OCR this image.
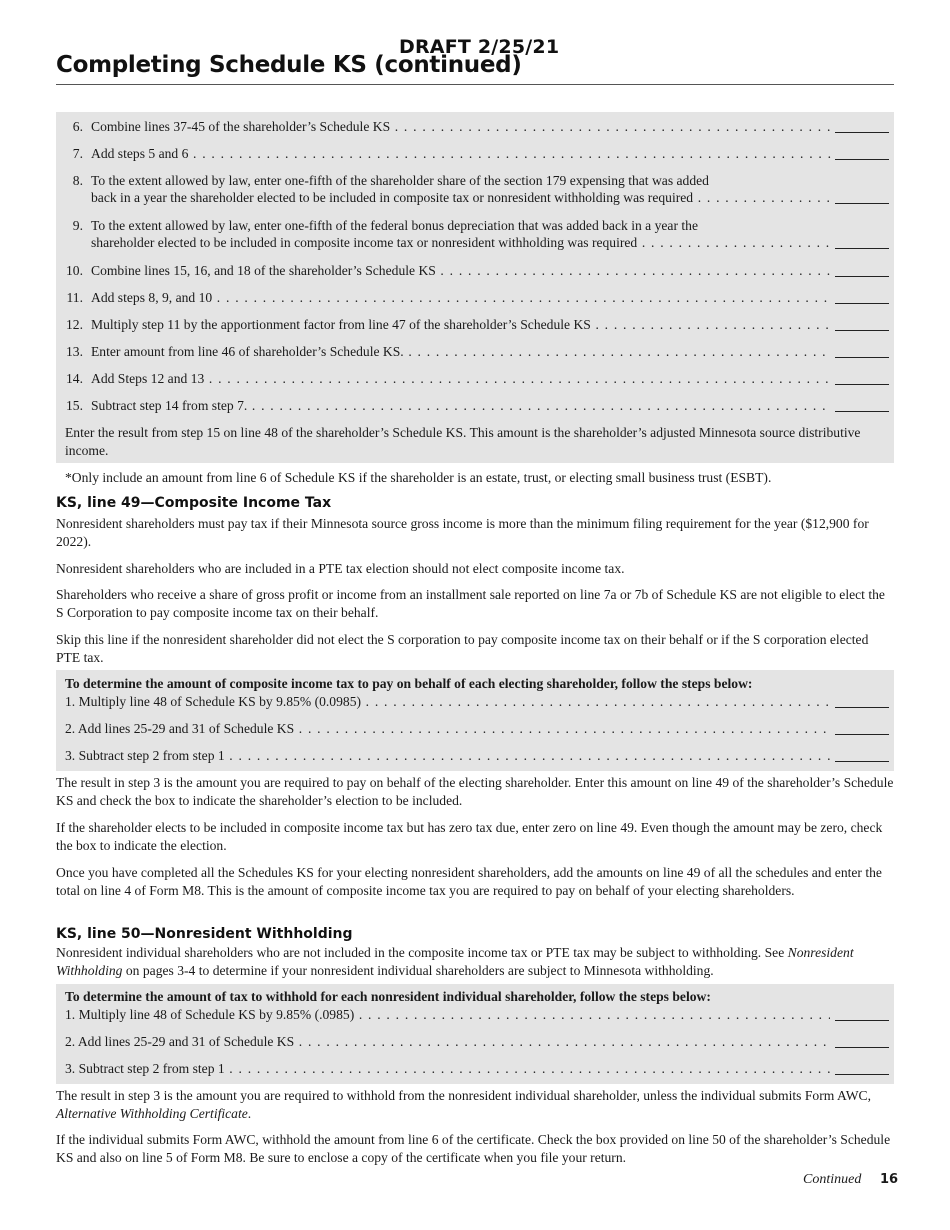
DRAFT 2/25/21
Completing Schedule KS (continued)
6. Combine lines 37-45 of the shareholder’s Schedule KS . . .
7. Add steps 5 and 6 . . .
8. To the extent allowed by law, enter one-fifth of the shareholder share of the section 179 expensing that was added
back in a year the shareholder elected to be included in composite tax or nonresident withholding was required . . .
9. To the extent allowed by law, enter one-fifth of the federal bonus depreciation that was added back in a year the
shareholder elected to be included in composite income tax or nonresident withholding was required . . .
10. Combine lines 15, 16, and 18 of the shareholder’s Schedule KS . . .
11. Add steps 8, 9, and 10 . . .
12. Multiply step 11 by the apportionment factor from line 47 of the shareholder’s Schedule KS . . .
13. Enter amount from line 46 of shareholder’s Schedule KS. . . .
14. Add Steps 12 and 13 . . .
15. Subtract step 14 from step 7. . . .

Enter the result from step 15 on line 48 of the shareholder’s Schedule KS. This amount is the shareholder’s adjusted Minnesota source distributive income.

*Only include an amount from line 6 of Schedule KS if the shareholder is an estate, trust, or electing small business trust (ESBT).

KS, line 49—Composite Income Tax

Nonresident shareholders must pay tax if their Minnesota source gross income is more than the minimum filing requirement for the year ($12,900 for 2022).

Nonresident shareholders who are included in a PTE tax election should not elect composite income tax.

Shareholders who receive a share of gross profit or income from an installment sale reported on line 7a or 7b of Schedule KS are not eligible to elect the S Corporation to pay composite income tax on their behalf.

Skip this line if the nonresident shareholder did not elect the S corporation to pay composite income tax on their behalf or if the S corporation elected PTE tax.

To determine the amount of composite income tax to pay on behalf of each electing shareholder, follow the steps below:

1. Multiply line 48 of Schedule KS by 9.85% (0.0985) . . .
2. Add lines 25-29 and 31 of Schedule KS . . .
3. Subtract step 2 from step 1 . . .

The result in step 3 is the amount you are required to pay on behalf of the electing shareholder. Enter this amount on line 49 of the shareholder’s Schedule KS and check the box to indicate the shareholder’s election to be included.

If the shareholder elects to be included in composite income tax but has zero tax due, enter zero on line 49. Even though the amount may be zero, check the box to indicate the election.

Once you have completed all the Schedules KS for your electing nonresident shareholders, add the amounts on line 49 of all the schedules and enter the total on line 4 of Form M8. This is the amount of composite income tax you are required to pay on behalf of your electing shareholders.

KS, line 50—Nonresident Withholding

Nonresident individual shareholders who are not included in the composite income tax or PTE tax may be subject to withholding. See Nonresident Withholding on pages 3-4 to determine if your nonresident individual shareholders are subject to Minnesota withholding.

To determine the amount of tax to withhold for each nonresident individual shareholder, follow the steps below:

1. Multiply line 48 of Schedule KS by 9.85% (.0985) . . .
2. Add lines 25-29 and 31 of Schedule KS . . .
3. Subtract step 2 from step 1 . . .

The result in step 3 is the amount you are required to withhold from the nonresident individual shareholder, unless the individual submits Form AWC, Alternative Withholding Certificate.

If the individual submits Form AWC, withhold the amount from line 6 of the certificate. Check the box provided on line 50 of the shareholder’s Schedule KS and also on line 5 of Form M8. Be sure to enclose a copy of the certificate when you file your return.

Continued 16
